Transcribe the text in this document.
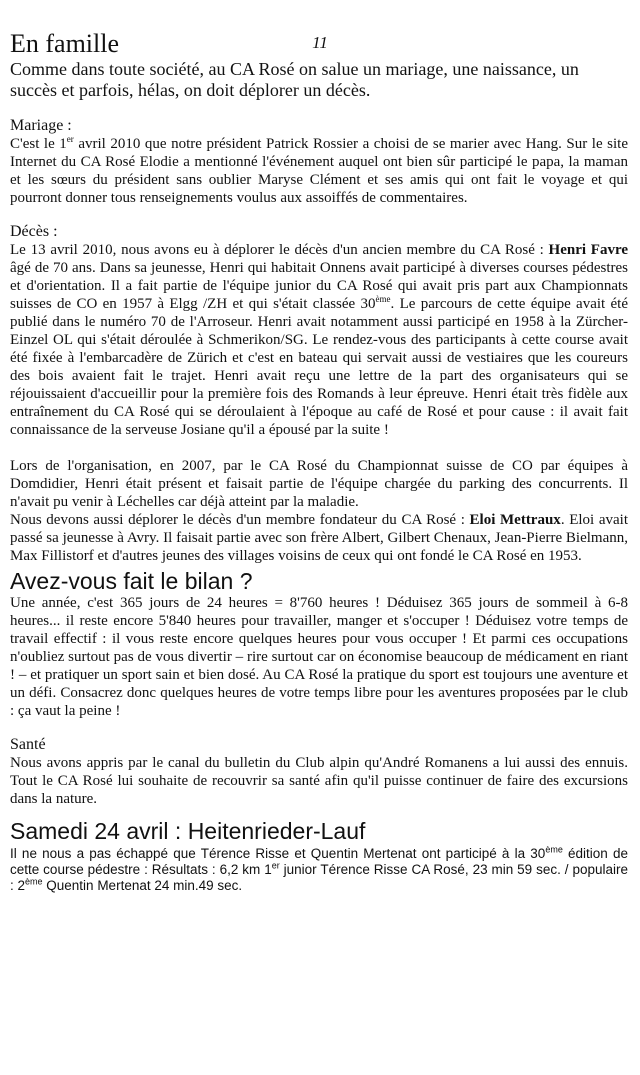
11
En famille

Comme dans toute société, au CA Rosé on salue un mariage, une naissance, un succès et parfois, hélas, on doit déplorer un décès.

Mariage :

C'est le 1er avril 2010 que notre président Patrick Rossier a choisi de se marier avec Hang. Sur le site Internet du CA Rosé Elodie a mentionné l'événement auquel ont bien sûr participé le papa, la maman et les sœurs du président sans oublier Maryse Clément et ses amis qui ont fait le voyage et qui pourront donner tous renseignements voulus aux assoiffés de commentaires.

Décès :

Le 13 avril 2010, nous avons eu à déplorer le décès d'un ancien membre du CA Rosé : Henri Favre âgé de 70 ans. Dans sa jeunesse, Henri qui habitait Onnens avait participé à diverses courses pédestres et d'orientation. Il a fait partie de l'équipe junior du CA Rosé qui avait pris part aux Championnats suisses de CO en 1957 à Elgg /ZH et qui s'était classée 30ème. Le parcours de cette équipe avait été publié dans le numéro 70 de l'Arroseur. Henri avait notamment aussi participé en 1958 à la Zürcher-Einzel OL qui s'était déroulée à Schmerikon/SG. Le rendez-vous des participants à cette course avait été fixée à l'embarcadère de Zürich et c'est en bateau qui servait aussi de vestiaires que les coureurs des bois avaient fait le trajet. Henri avait reçu une lettre de la part des organisateurs qui se réjouissaient d'accueillir pour la première fois des Romands à leur épreuve. Henri était très fidèle aux entraînement du CA Rosé qui se déroulaient à l'époque au café de Rosé et pour cause : il avait fait connaissance de la serveuse Josiane qu'il a épousé par la suite !

Lors de l'organisation, en 2007, par le CA Rosé du Championnat suisse de CO par équipes à Domdidier, Henri était présent et faisait partie de l'équipe chargée du parking des concurrents. Il n'avait pu venir à Léchelles car déjà atteint par la maladie.

Nous devons aussi déplorer le décès d'un membre fondateur du CA Rosé : Eloi Mettraux. Eloi avait passé sa jeunesse à Avry. Il faisait partie avec son frère Albert, Gilbert Chenaux, Jean-Pierre Bielmann, Max Fillistorf et d'autres jeunes des villages voisins de ceux qui ont fondé le CA Rosé en 1953.

Avez-vous fait le bilan ?

Une année, c'est 365 jours de 24 heures = 8'760 heures ! Déduisez 365 jours de sommeil à 6-8 heures... il reste encore 5'840 heures pour travailler, manger et s'occuper ! Déduisez votre temps de travail effectif : il vous reste encore quelques heures pour vous occuper ! Et parmi ces occupations n'oubliez surtout pas de vous divertir – rire surtout car on économise beaucoup de médicament en riant ! – et pratiquer un sport sain et bien dosé. Au CA Rosé la pratique du sport est toujours une aventure et un défi. Consacrez donc quelques heures de votre temps libre pour les aventures proposées par le club : ça vaut la peine !

Santé

Nous avons appris par le canal du bulletin du Club alpin qu'André Romanens a lui aussi des ennuis. Tout le CA Rosé lui souhaite de recouvrir sa santé afin qu'il puisse continuer de faire des excursions dans la nature.

Samedi 24 avril : Heitenrieder-Lauf

Il ne nous a pas échappé que Térence Risse et Quentin Mertenat ont participé à la 30ème édition de cette course pédestre : Résultats : 6,2 km 1er junior Térence Risse CA Rosé, 23 min 59 sec. / populaire : 2ème Quentin Mertenat 24 min.49 sec.
